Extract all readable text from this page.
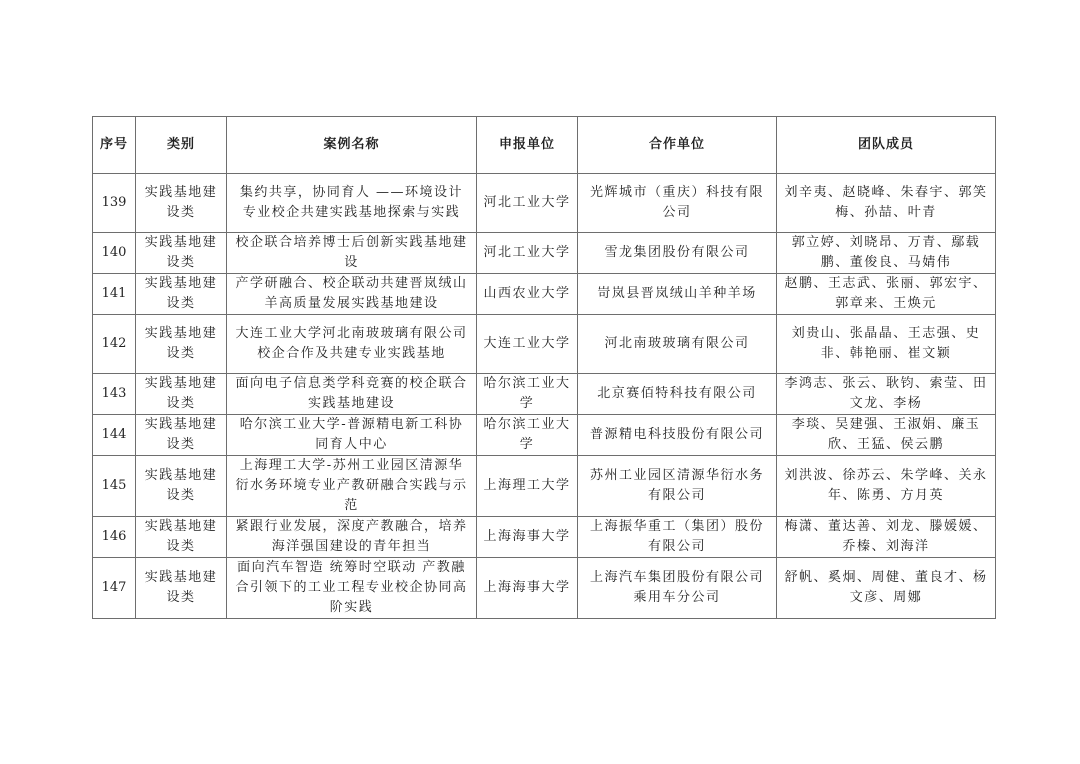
序号	类别	案例名称	申报单位	合作单位	团队成员
139	实践基地建设类	集约共享，协同育人 ——环境设计专业校企共建实践基地探索与实践	河北工业大学	光辉城市（重庆）科技有限公司	刘辛夷、赵晓峰、朱春宇、郭笑梅、孙喆、叶青
140	实践基地建设类	校企联合培养博士后创新实践基地建设	河北工业大学	雪龙集团股份有限公司	郭立婷、刘晓昂、万青、鄢载鹏、董俊良、马婧伟
141	实践基地建设类	产学研融合、校企联动共建晋岚绒山羊高质量发展实践基地建设	山西农业大学	岢岚县晋岚绒山羊种羊场	赵鹏、王志武、张丽、郭宏宇、郭章来、王焕元
142	实践基地建设类	大连工业大学河北南玻玻璃有限公司校企合作及共建专业实践基地	大连工业大学	河北南玻玻璃有限公司	刘贵山、张晶晶、王志强、史非、韩艳丽、崔文颖
143	实践基地建设类	面向电子信息类学科竞赛的校企联合实践基地建设	哈尔滨工业大学	北京赛佰特科技有限公司	李鸿志、张云、耿钧、索莹、田文龙、李杨
144	实践基地建设类	哈尔滨工业大学-普源精电新工科协同育人中心	哈尔滨工业大学	普源精电科技股份有限公司	李琰、吴建强、王淑娟、廉玉欣、王猛、侯云鹏
145	实践基地建设类	上海理工大学-苏州工业园区清源华衍水务环境专业产教研融合实践与示范	上海理工大学	苏州工业园区清源华衍水务有限公司	刘洪波、徐苏云、朱学峰、关永年、陈勇、方月英
146	实践基地建设类	紧跟行业发展，深度产教融合，培养海洋强国建设的青年担当	上海海事大学	上海振华重工（集团）股份有限公司	梅潇、董达善、刘龙、滕媛媛、乔榛、刘海洋
147	实践基地建设类	面向汽车智造 统筹时空联动 产教融合引领下的工业工程专业校企协同高阶实践	上海海事大学	上海汽车集团股份有限公司乘用车分公司	舒帆、奚炯、周健、董良才、杨文彦、周娜
